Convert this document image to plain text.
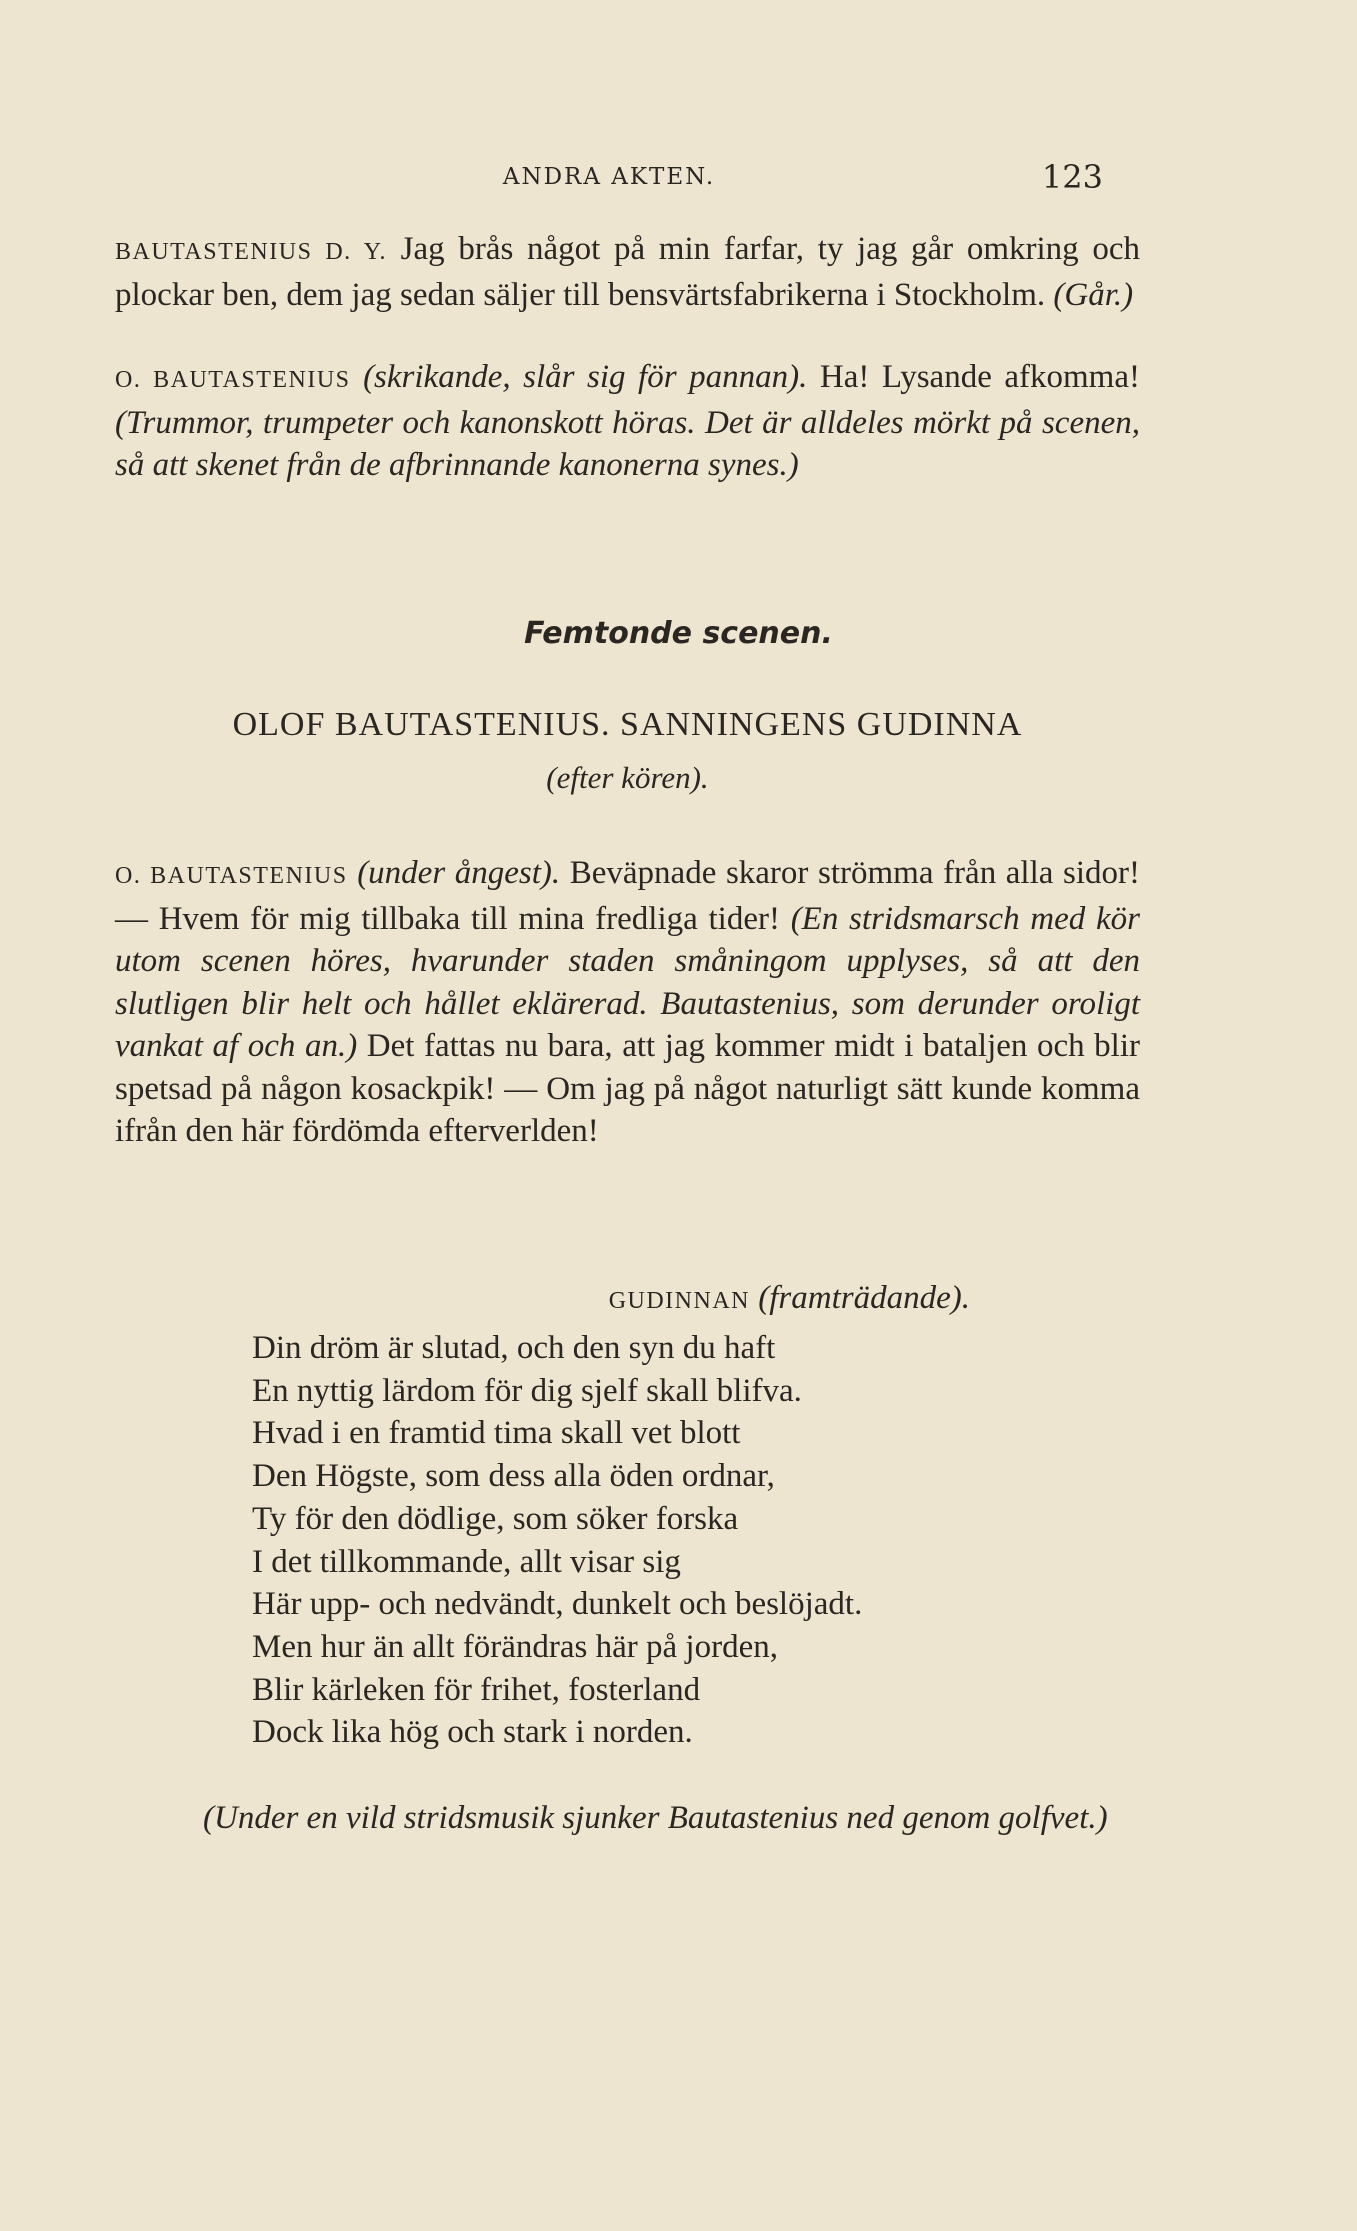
ANDRA AKTEN.	123
BAUTASTENIUS D. Y. Jag brås något på min farfar, ty jag går omkring och plockar ben, dem jag sedan säljer till bensvärtsfabrikerna i Stockholm. (Går.)
O. BAUTASTENIUS (skrikande, slår sig för pannan). Ha! Lysande afkomma! (Trummor, trumpeter och kanonskott höras. Det är alldeles mörkt på scenen, så att skenet från de afbrinnande kanonerna synes.)
Femtonde scenen.
OLOF BAUTASTENIUS. SANNINGENS GUDINNA
(efter kören).
O. BAUTASTENIUS (under ångest). Beväpnade skaror strömma från alla sidor! — Hvem för mig tillbaka till mina fredliga tider! (En stridsmarsch med kör utom scenen höres, hvarunder staden småningom upplyses, så att den slutligen blir helt och hållet eklärerad. Bautastenius, som derunder oroligt vankat af och an.) Det fattas nu bara, att jag kommer midt i bataljen och blir spetsad på någon kosackpik! — Om jag på något naturligt sätt kunde komma ifrån den här fördömda efterverlden!
GUDINNAN (framträdande).
Din dröm är slutad, och den syn du haft
En nyttig lärdom för dig sjelf skall blifva.
Hvad i en framtid tima skall vet blott
Den Högste, som dess alla öden ordnar,
Ty för den dödlige, som söker forska
I det tillkommande, allt visar sig
Här upp- och nedvändt, dunkelt och beslöjadt.
Men hur än allt förändras här på jorden,
Blir kärleken för frihet, fosterland
Dock lika hög och stark i norden.
(Under en vild stridsmusik sjunker Bautastenius ned genom golfvet.)
